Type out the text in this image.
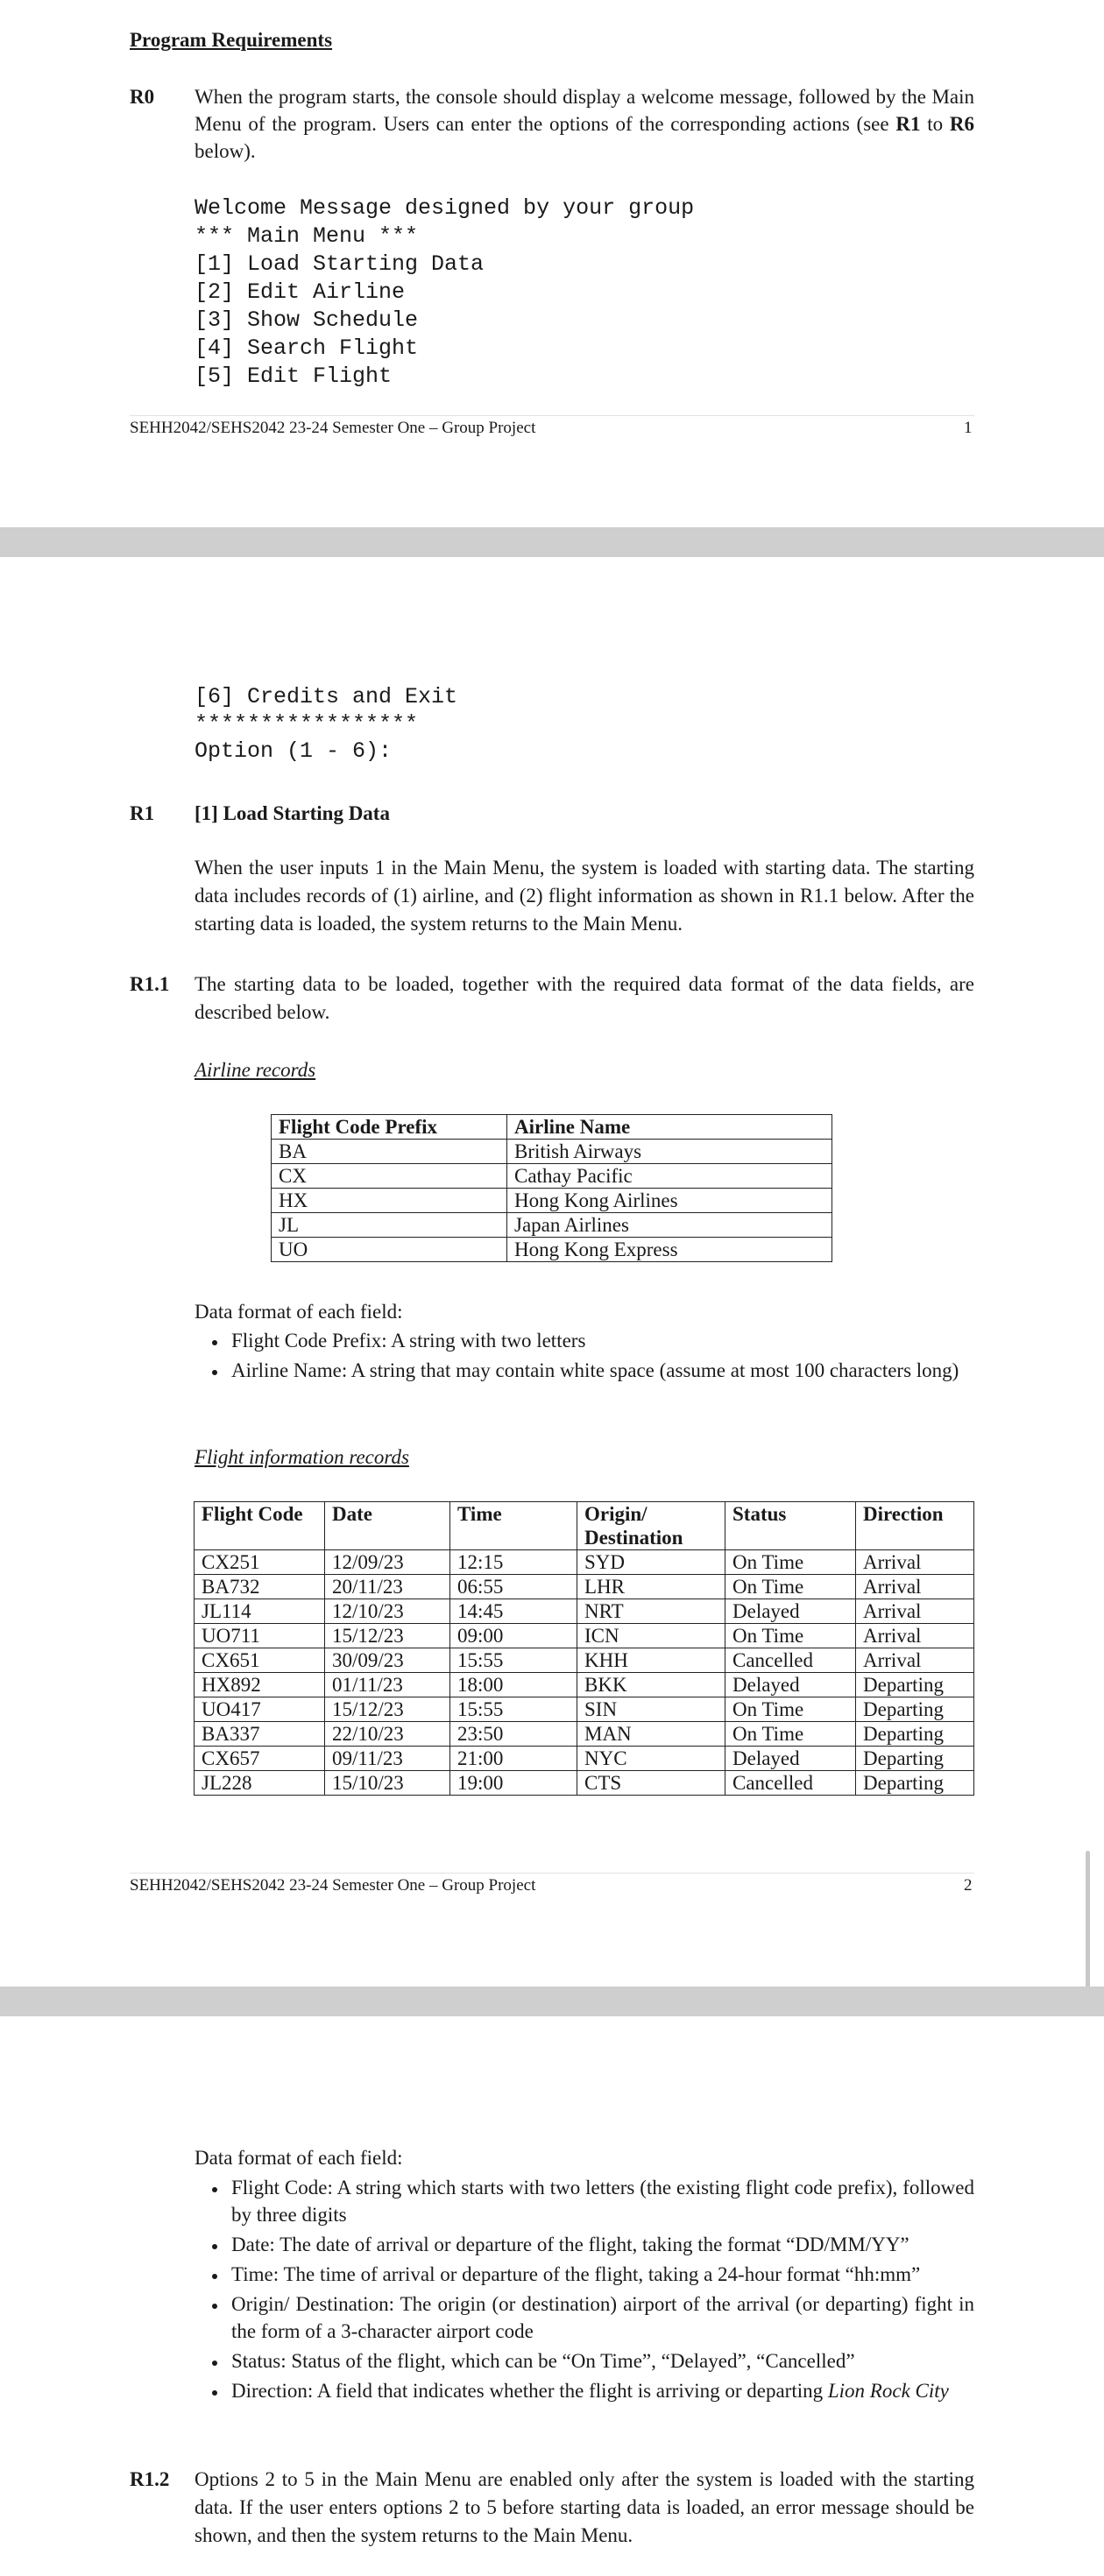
Program Requirements
R0 When the program starts, the console should display a welcome message, followed by the Main Menu of the program. Users can enter the options of the corresponding actions (see R1 to R6 below).
Welcome Message designed by your group
*** Main Menu ***
[1] Load Starting Data
[2] Edit Airline
[3] Show Schedule
[4] Search Flight
[5] Edit Flight
SEHH2042/SEHS2042 23-24 Semester One – Group Project	1
[6] Credits and Exit
*****************
Option (1 - 6):
R1 [1] Load Starting Data
When the user inputs 1 in the Main Menu, the system is loaded with starting data. The starting data includes records of (1) airline, and (2) flight information as shown in R1.1 below. After the starting data is loaded, the system returns to the Main Menu.
R1.1 The starting data to be loaded, together with the required data format of the data fields, are described below.
Airline records
Flight Code Prefix	Airline Name
BA	British Airways
CX	Cathay Pacific
HX	Hong Kong Airlines
JL	Japan Airlines
UO	Hong Kong Express
Data format of each field:
• Flight Code Prefix: A string with two letters
• Airline Name: A string that may contain white space (assume at most 100 characters long)
Flight information records
Flight Code	Date	Time	Origin/ Destination	Status	Direction
CX251	12/09/23	12:15	SYD	On Time	Arrival
BA732	20/11/23	06:55	LHR	On Time	Arrival
JL114	12/10/23	14:45	NRT	Delayed	Arrival
UO711	15/12/23	09:00	ICN	On Time	Arrival
CX651	30/09/23	15:55	KHH	Cancelled	Arrival
HX892	01/11/23	18:00	BKK	Delayed	Departing
UO417	15/12/23	15:55	SIN	On Time	Departing
BA337	22/10/23	23:50	MAN	On Time	Departing
CX657	09/11/23	21:00	NYC	Delayed	Departing
JL228	15/10/23	19:00	CTS	Cancelled	Departing
SEHH2042/SEHS2042 23-24 Semester One – Group Project	2
Data format of each field:
• Flight Code: A string which starts with two letters (the existing flight code prefix), followed by three digits
• Date: The date of arrival or departure of the flight, taking the format “DD/MM/YY”
• Time: The time of arrival or departure of the flight, taking a 24-hour format “hh:mm”
• Origin/ Destination: The origin (or destination) airport of the arrival (or departing) fight in the form of a 3-character airport code
• Status: Status of the flight, which can be “On Time”, “Delayed”, “Cancelled”
• Direction: A field that indicates whether the flight is arriving or departing Lion Rock City
R1.2 Options 2 to 5 in the Main Menu are enabled only after the system is loaded with the starting data. If the user enters options 2 to 5 before starting data is loaded, an error message should be shown, and then the system returns to the Main Menu.
